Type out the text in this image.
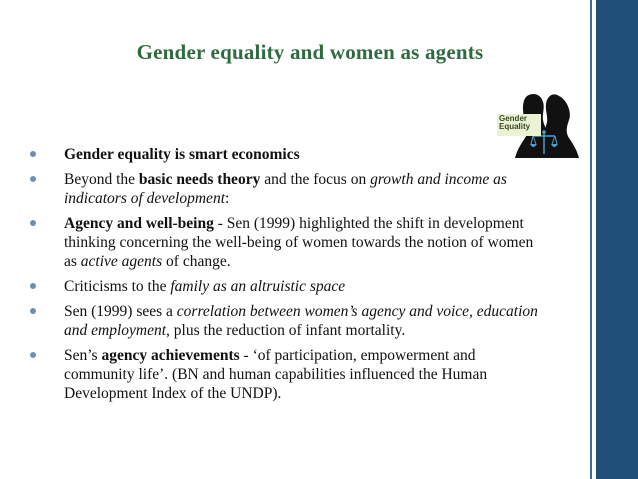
Gender equality and women as agents
Gender
Equality
Gender equality is smart economics
Beyond the basic needs theory and the focus on growth and income as indicators of development:
Agency and well-being - Sen (1999) highlighted the shift in development thinking concerning the well-being of women towards the notion of women as active agents of change.
Criticisms to the family as an altruistic space
Sen (1999) sees a correlation between women’s agency and voice, education and employment, plus the reduction of infant mortality.
Sen’s agency achievements - ‘of participation, empowerment and community life’. (BN and human capabilities influenced the Human Development Index of the UNDP).
